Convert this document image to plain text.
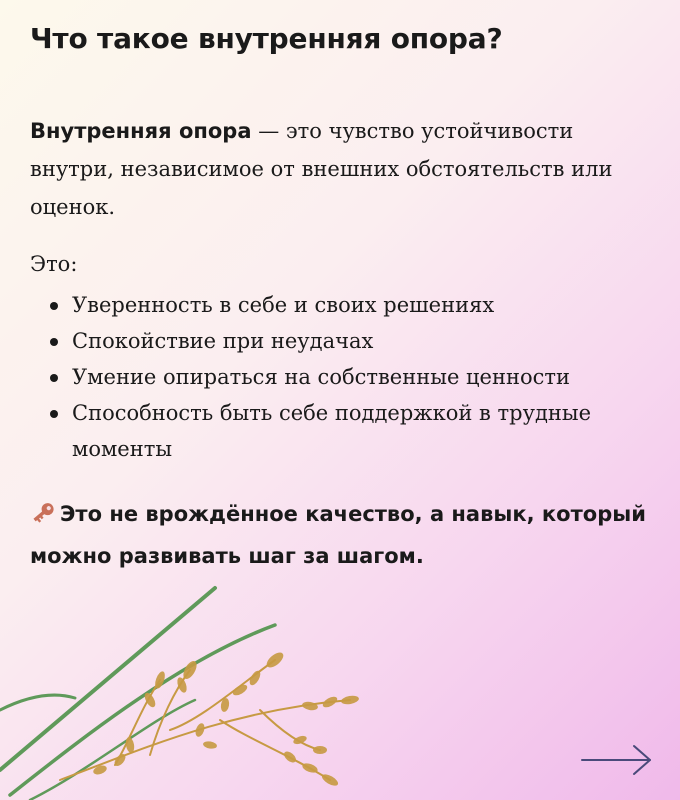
Что такое внутренняя опора?

Внутренняя опора — это чувство устойчивости внутри, независимое от внешних обстоятельств или оценок.

Это:
Уверенность в себе и своих решениях
Спокойствие при неудачах
Умение опираться на собственные ценности
Способность быть себе поддержкой в трудные моменты

Это не врождённое качество, а навык, который можно развивать шаг за шагом.
